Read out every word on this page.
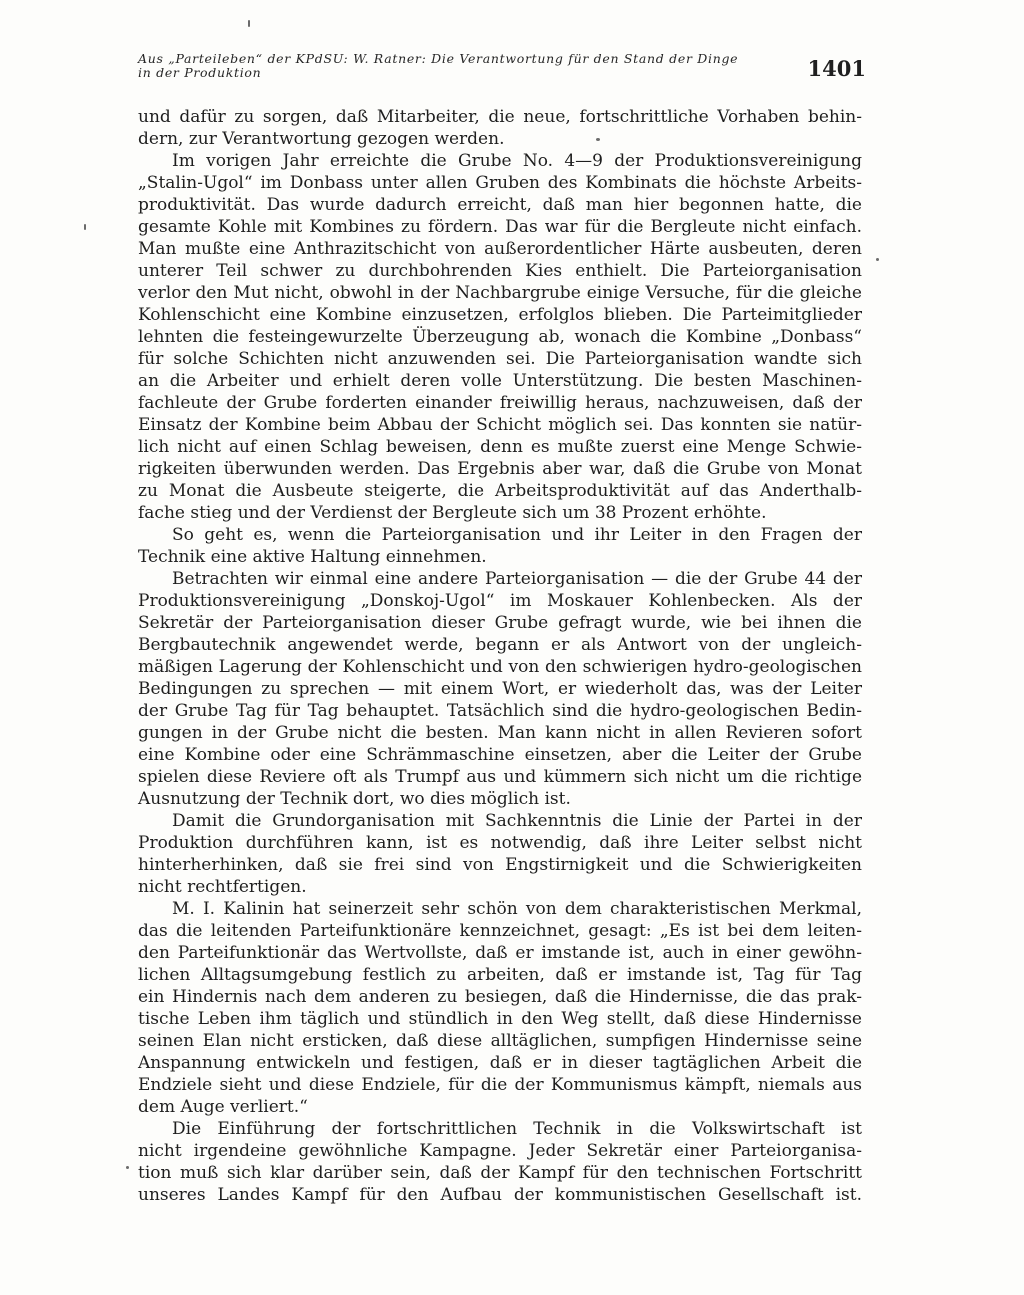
Aus „Parteileben“ der KPdSU: W. Ratner: Die Verantwortung für den Stand der Dinge
in der Produktion	1401
und dafür zu sorgen, daß Mitarbeiter, die neue, fortschrittliche Vorhaben behin-
dern, zur Verantwortung gezogen werden.
Im vorigen Jahr erreichte die Grube No. 4—9 der Produktionsvereinigung
„Stalin-Ugol“ im Donbass unter allen Gruben des Kombinats die höchste Arbeits-
produktivität. Das wurde dadurch erreicht, daß man hier begonnen hatte, die
gesamte Kohle mit Kombines zu fördern. Das war für die Bergleute nicht einfach.
Man mußte eine Anthrazitschicht von außerordentlicher Härte ausbeuten, deren
unterer Teil schwer zu durchbohrenden Kies enthielt. Die Parteiorganisation
verlor den Mut nicht, obwohl in der Nachbargrube einige Versuche, für die gleiche
Kohlenschicht eine Kombine einzusetzen, erfolglos blieben. Die Parteimitglieder
lehnten die festeingewurzelte Überzeugung ab, wonach die Kombine „Donbass“
für solche Schichten nicht anzuwenden sei. Die Parteiorganisation wandte sich
an die Arbeiter und erhielt deren volle Unterstützung. Die besten Maschinen-
fachleute der Grube forderten einander freiwillig heraus, nachzuweisen, daß der
Einsatz der Kombine beim Abbau der Schicht möglich sei. Das konnten sie natür-
lich nicht auf einen Schlag beweisen, denn es mußte zuerst eine Menge Schwie-
rigkeiten überwunden werden. Das Ergebnis aber war, daß die Grube von Monat
zu Monat die Ausbeute steigerte, die Arbeitsproduktivität auf das Anderthalb-
fache stieg und der Verdienst der Bergleute sich um 38 Prozent erhöhte.
So geht es, wenn die Parteiorganisation und ihr Leiter in den Fragen der
Technik eine aktive Haltung einnehmen.
Betrachten wir einmal eine andere Parteiorganisation — die der Grube 44 der
Produktionsvereinigung „Donskoj-Ugol“ im Moskauer Kohlenbecken. Als der
Sekretär der Parteiorganisation dieser Grube gefragt wurde, wie bei ihnen die
Bergbautechnik angewendet werde, begann er als Antwort von der ungleich-
mäßigen Lagerung der Kohlenschicht und von den schwierigen hydro-geologischen
Bedingungen zu sprechen — mit einem Wort, er wiederholt das, was der Leiter
der Grube Tag für Tag behauptet. Tatsächlich sind die hydro-geologischen Bedin-
gungen in der Grube nicht die besten. Man kann nicht in allen Revieren sofort
eine Kombine oder eine Schrämmaschine einsetzen, aber die Leiter der Grube
spielen diese Reviere oft als Trumpf aus und kümmern sich nicht um die richtige
Ausnutzung der Technik dort, wo dies möglich ist.
Damit die Grundorganisation mit Sachkenntnis die Linie der Partei in der
Produktion durchführen kann, ist es notwendig, daß ihre Leiter selbst nicht
hinterherhinken, daß sie frei sind von Engstirnigkeit und die Schwierigkeiten
nicht rechtfertigen.
M. I. Kalinin hat seinerzeit sehr schön von dem charakteristischen Merkmal,
das die leitenden Parteifunktionäre kennzeichnet, gesagt: „Es ist bei dem leiten-
den Parteifunktionär das Wertvollste, daß er imstande ist, auch in einer gewöhn-
lichen Alltagsumgebung festlich zu arbeiten, daß er imstande ist, Tag für Tag
ein Hindernis nach dem anderen zu besiegen, daß die Hindernisse, die das prak-
tische Leben ihm täglich und stündlich in den Weg stellt, daß diese Hindernisse
seinen Elan nicht ersticken, daß diese alltäglichen, sumpfigen Hindernisse seine
Anspannung entwickeln und festigen, daß er in dieser tagtäglichen Arbeit die
Endziele sieht und diese Endziele, für die der Kommunismus kämpft, niemals aus
dem Auge verliert.“
Die Einführung der fortschrittlichen Technik in die Volkswirtschaft ist
nicht irgendeine gewöhnliche Kampagne. Jeder Sekretär einer Parteiorganisa-
tion muß sich klar darüber sein, daß der Kampf für den technischen Fortschritt
unseres Landes Kampf für den Aufbau der kommunistischen Gesellschaft ist.
